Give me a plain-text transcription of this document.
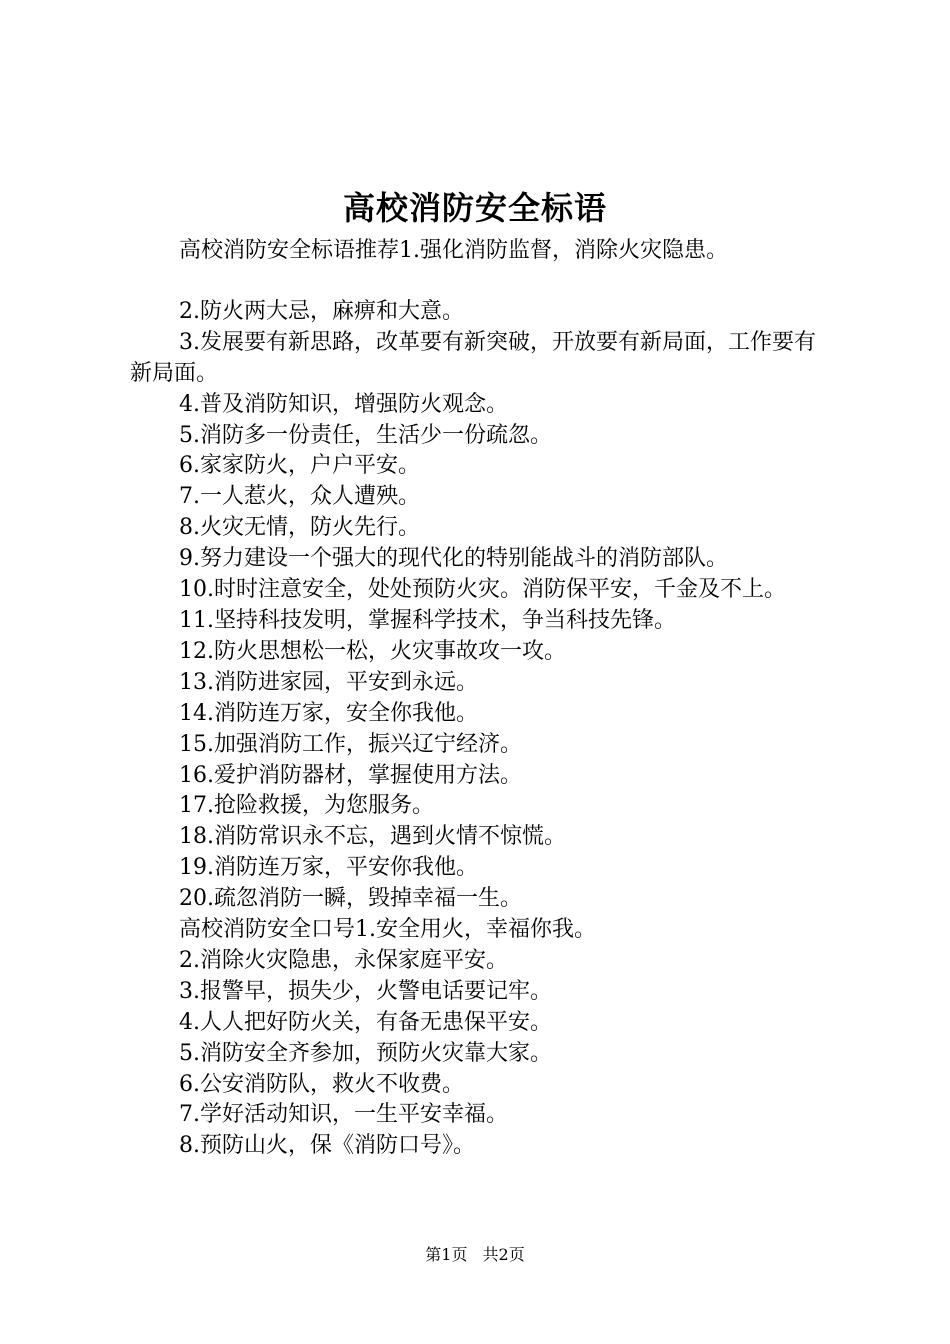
高校消防安全标语

高校消防安全标语推荐1.强化消防监督，消除火灾隐患。

2.防火两大忌，麻痹和大意。

3.发展要有新思路，改革要有新突破，开放要有新局面，工作要有新局面。

4.普及消防知识，增强防火观念。

5.消防多一份责任，生活少一份疏忽。

6.家家防火，户户平安。

7.一人惹火，众人遭殃。

8.火灾无情，防火先行。

9.努力建设一个强大的现代化的特别能战斗的消防部队。

10.时时注意安全，处处预防火灾。消防保平安，千金及不上。

11.坚持科技发明，掌握科学技术，争当科技先锋。

12.防火思想松一松，火灾事故攻一攻。

13.消防进家园，平安到永远。

14.消防连万家，安全你我他。

15.加强消防工作，振兴辽宁经济。

16.爱护消防器材，掌握使用方法。

17.抢险救援，为您服务。

18.消防常识永不忘，遇到火情不惊慌。

19.消防连万家，平安你我他。

20.疏忽消防一瞬，毁掉幸福一生。

高校消防安全口号1.安全用火，幸福你我。

2.消除火灾隐患，永保家庭平安。

3.报警早，损失少，火警电话要记牢。

4.人人把好防火关，有备无患保平安。

5.消防安全齐参加，预防火灾靠大家。

6.公安消防队，救火不收费。

7.学好活动知识，一生平安幸福。

8.预防山火，保《消防口号》。

第1页 共2页
